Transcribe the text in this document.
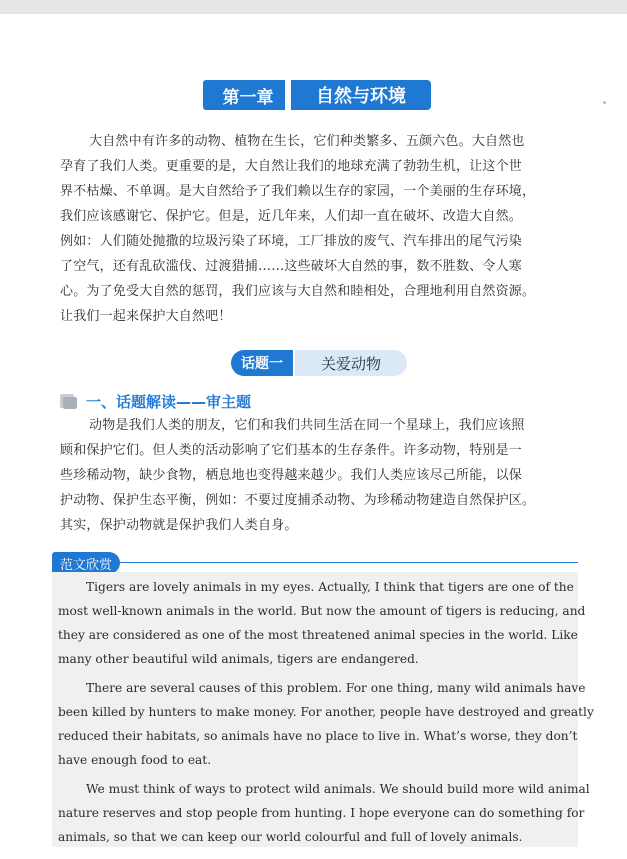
第一章	自然与环境
大自然中有许多的动物、植物在生长，它们种类繁多、五颜六色。大自然也
孕育了我们人类。更重要的是，大自然让我们的地球充满了勃勃生机，让这个世
界不枯燥、不单调。是大自然给予了我们赖以生存的家园，一个美丽的生存环境，
我们应该感谢它、保护它。但是，近几年来，人们却一直在破坏、改造大自然。
例如：人们随处抛撒的垃圾污染了环境，工厂排放的废气、汽车排出的尾气污染
了空气，还有乱砍滥伐、过渡猎捕……这些破坏大自然的事，数不胜数、令人寒
心。为了免受大自然的惩罚，我们应该与大自然和睦相处，合理地利用自然资源。
让我们一起来保护大自然吧！
话题一	关爱动物
一、话题解读——审主题
动物是我们人类的朋友，它们和我们共同生活在同一个星球上，我们应该照
顾和保护它们。但人类的活动影响了它们基本的生存条件。许多动物，特别是一
些珍稀动物，缺少食物，栖息地也变得越来越少。我们人类应该尽己所能，以保
护动物、保护生态平衡，例如：不要过度捕杀动物、为珍稀动物建造自然保护区。
其实，保护动物就是保护我们人类自身。
范文欣赏
Tigers are lovely animals in my eyes. Actually, I think that tigers are one of the
most well-known animals in the world. But now the amount of tigers is reducing, and
they are considered as one of the most threatened animal species in the world. Like
many other beautiful wild animals, tigers are endangered.
There are several causes of this problem. For one thing, many wild animals have
been killed by hunters to make money. For another, people have destroyed and greatly
reduced their habitats, so animals have no place to live in. What’s worse, they don’t
have enough food to eat.
We must think of ways to protect wild animals. We should build more wild animal
nature reserves and stop people from hunting. I hope everyone can do something for
animals, so that we can keep our world colourful and full of lovely animals.
